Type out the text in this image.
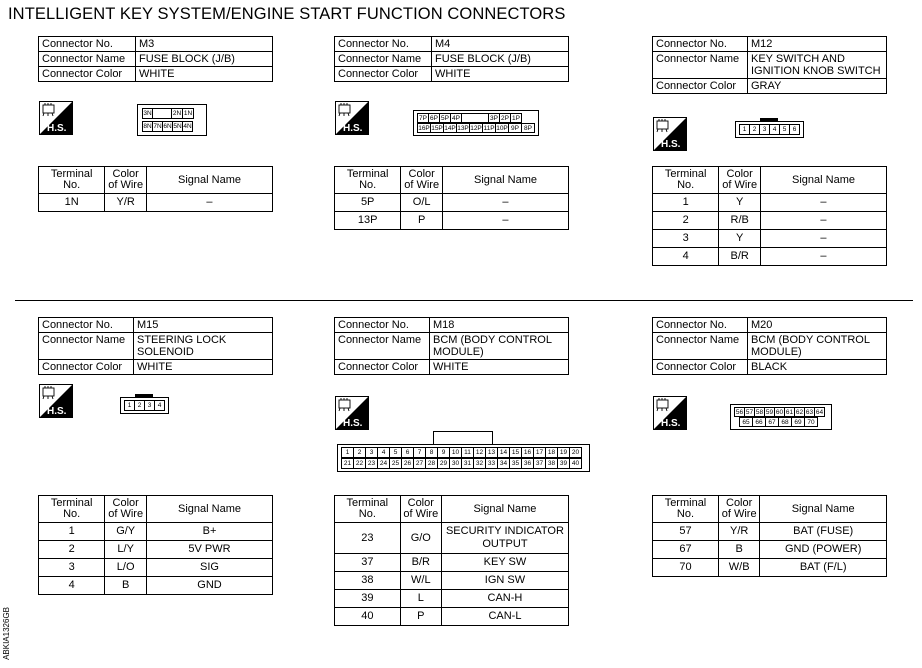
INTELLIGENT KEY SYSTEM/ENGINE START FUNCTION CONNECTORS
ABKIA1326GB
Connector No.	M3
Connector Name	FUSE BLOCK (J/B)
Connector Color	WHITE
H.S.
3N	2N 1N
8N 7N 6N 5N 4N
Terminal No.	Color of Wire	Signal Name
1N	Y/R	–
Connector No.	M4
Connector Name	FUSE BLOCK (J/B)
Connector Color	WHITE
H.S.
7P 6P 5P 4P	3P 2P 1P
16P 15P 14P 13P 12P 11P 10P 9P 8P
Terminal No.	Color of Wire	Signal Name
5P	O/L	–
13P	P	–
Connector No.	M12
Connector Name	KEY SWITCH AND IGNITION KNOB SWITCH
Connector Color	GRAY
H.S.
1 2 3 4 5 6
Terminal No.	Color of Wire	Signal Name
1	Y	–
2	R/B	–
3	Y	–
4	B/R	–
Connector No.	M15
Connector Name	STEERING LOCK SOLENOID
Connector Color	WHITE
H.S.
1 2 3 4
Terminal No.	Color of Wire	Signal Name
1	G/Y	B+
2	L/Y	5V PWR
3	L/O	SIG
4	B	GND
Connector No.	M18
Connector Name	BCM (BODY CONTROL MODULE)
Connector Color	WHITE
H.S.
1	2	3	4	5	6	7	8	9	10 11 12 13 14 15 16 17 18 19 20
21 22 23 24 25 26 27 28 29 30 31 32 33 34 35 36 37 38 39 40
Terminal No.	Color of Wire	Signal Name
23	G/O	SECURITY INDICATOR OUTPUT
37	B/R	KEY SW
38	W/L	IGN SW
39	L	CAN-H
40	P	CAN-L
Connector No.	M20
Connector Name	BCM (BODY CONTROL MODULE)
Connector Color	BLACK
H.S.
56 57 58 59 60 61 62 63 64
65 66 67 68 69 70
Terminal No.	Color of Wire	Signal Name
57	Y/R	BAT (FUSE)
67	B	GND (POWER)
70	W/B	BAT (F/L)
